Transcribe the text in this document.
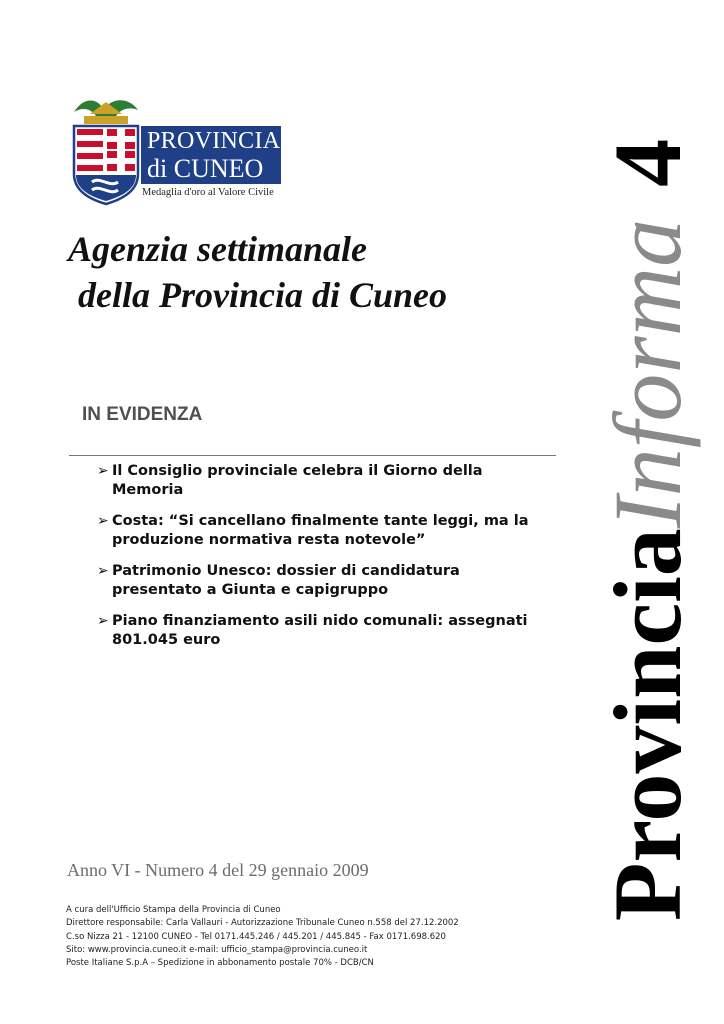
PROVINCIA
di CUNEO
Medaglia d'oro al Valore Civile
Agenzia settimanale
della Provincia di Cuneo
IN EVIDENZA
➢ Il Consiglio provinciale celebra il Giorno della Memoria
➢ Costa: “Si cancellano finalmente tante leggi, ma la produzione normativa resta notevole”
➢ Patrimonio Unesco: dossier di candidatura presentato a Giunta e capigruppo
➢ Piano finanziamento asili nido comunali: assegnati 801.045 euro	ProvinciaInforma4
Anno VI - Numero 4 del 29 gennaio 2009
A cura dell'Ufficio Stampa della Provincia di Cuneo
Direttore responsabile: Carla Vallauri - Autorizzazione Tribunale Cuneo n.558 del 27.12.2002
C.so Nizza 21 - 12100 CUNEO - Tel 0171.445.246 / 445.201 / 445.845 - Fax 0171.698.620
Sito: www.provincia.cuneo.it e-mail: ufficio_stampa@provincia.cuneo.it
Poste Italiane S.p.A – Spedizione in abbonamento postale 70% - DCB/CN
